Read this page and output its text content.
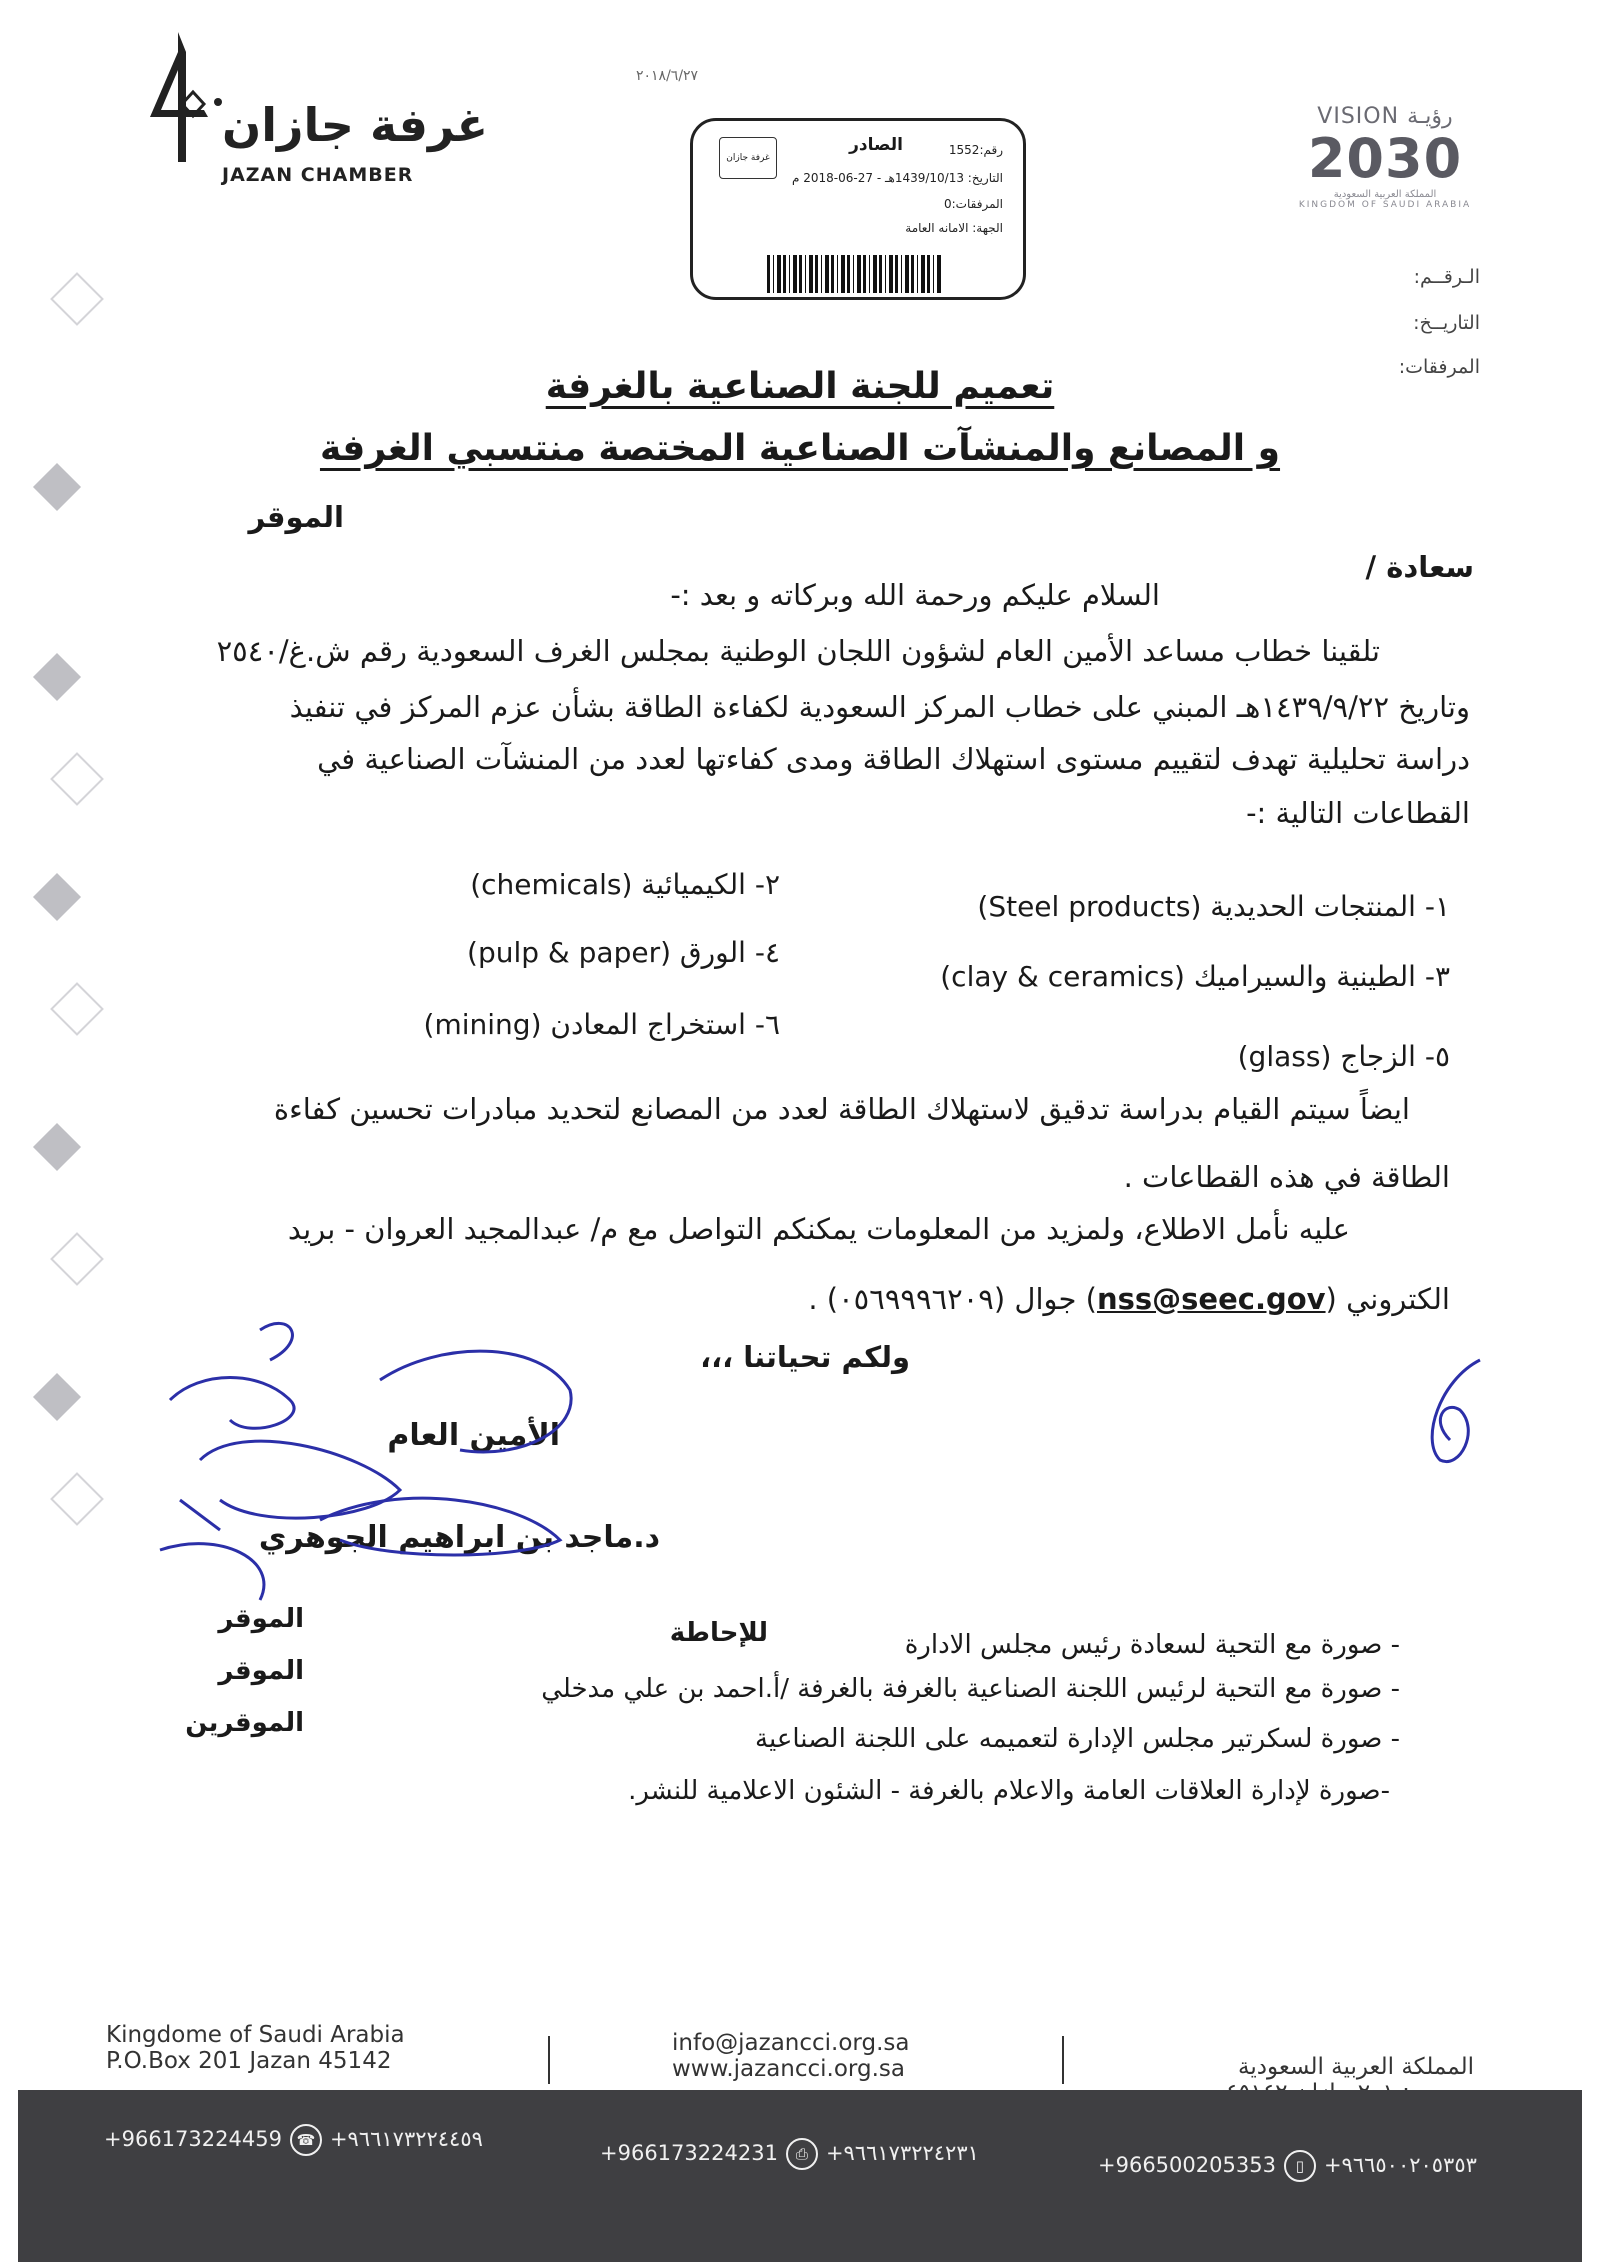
غرفة جازان
JAZAN CHAMBER
VISION رؤيـة
2030
المملكة العربية السعودية
KINGDOM OF SAUDI ARABIA
الـرقــم:
التاريــخ:
المرفقات:
٢٠١٨/٦/٢٧
غرفة جازان
الصادر	رقم:1552
التاريخ: 1439/10/13هـ - 27-06-2018 م
المرفقات:0
الجهة: الامانه العامة
تعميم للجنة الصناعية بالغرفة
و المصانع والمنشآت الصناعية المختصة منتسبي الغرفة
الموقر
سعادة /
السلام عليكم ورحمة الله وبركاته و بعد :-
تلقينا خطاب مساعد الأمين العام لشؤون اللجان الوطنية بمجلس الغرف السعودية رقم ش.غ/٢٥٤٠
وتاريخ ١٤٣٩/٩/٢٢هـ المبني على خطاب المركز السعودية لكفاءة الطاقة بشأن عزم المركز في تنفيذ
دراسة تحليلية تهدف لتقييم مستوى استهلاك الطاقة ومدى كفاءتها لعدد من المنشآت الصناعية في
القطاعات التالية :-
١- المنتجات الحديدية (Steel products)
٢- الكيميائية (chemicals)
٣- الطينية والسيراميك (clay & ceramics)
٤- الورق (pulp & paper)
٥- الزجاج (glass)
٦- استخراج المعادن (mining)
ايضاً سيتم القيام بدراسة تدقيق لاستهلاك الطاقة لعدد من المصانع لتحديد مبادرات تحسين كفاءة
الطاقة في هذه القطاعات .
عليه نأمل الاطلاع، ولمزيد من المعلومات يمكنكم التواصل مع م/ عبدالمجيد العروان - بريد
الكتروني (nss@seec.gov) جوال (٠٥٦٩٩٩٦٢٠٩) .
ولكم تحياتنا ،،،
الأمين العام
د.ماجد بن ابراهيم الجوهري
- صورة مع التحية لسعادة رئيس مجلس الادارة
- صورة مع التحية لرئيس اللجنة الصناعية بالغرفة بالغرفة /أ.احمد بن علي مدخلي
- صورة لسكرتير مجلس الإدارة لتعميمه على اللجنة الصناعية
-صورة لإدارة العلاقات العامة والاعلام بالغرفة - الشئون الاعلامية للنشر.
للإحاطة
الموقر
الموقر
الموقرين
Kingdome of Saudi Arabia
P.O.Box 201 Jazan 45142
info@jazancci.org.sa
www.jazancci.org.sa	المملكة العربية السعودية
+966173224459 ☎ +٩٦٦١٧٣٢٢٤٤٥٩
+966173224231 ⎙ +٩٦٦١٧٣٢٢٤٢٣١	+966500205353 ▯ +٩٦٦٥٠٠٢٠٥٣٥٣
